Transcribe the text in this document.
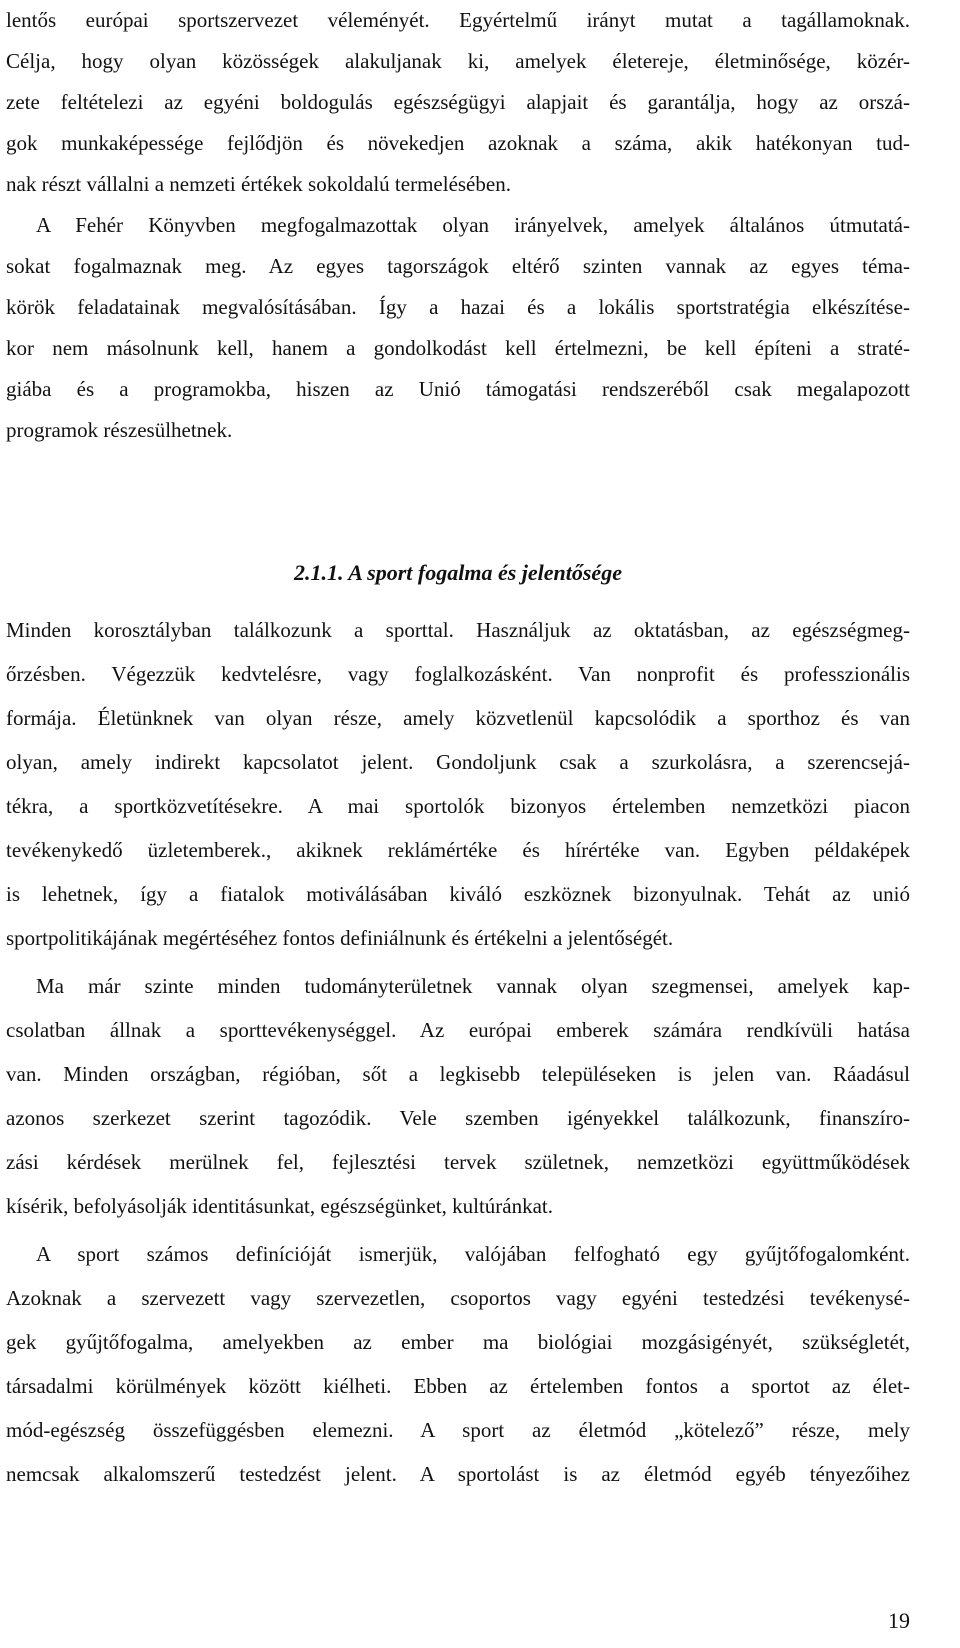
lentős európai sportszervezet véleményét. Egyértelmű irányt mutat a tagállamoknak.
Célja, hogy olyan közösségek alakuljanak ki, amelyek életereje, életminősége, közér-
zete feltételezi az egyéni boldogulás egészségügyi alapjait és garantálja, hogy az orszá-
gok munkaképessége fejlődjön és növekedjen azoknak a száma, akik hatékonyan tud-
nak részt vállalni a nemzeti értékek sokoldalú termelésében.
A Fehér Könyvben megfogalmazottak olyan irányelvek, amelyek általános útmutatá-
sokat fogalmaznak meg. Az egyes tagországok eltérő szinten vannak az egyes téma-
körök feladatainak megvalósításában. Így a hazai és a lokális sportstratégia elkészítése-
kor nem másolnunk kell, hanem a gondolkodást kell értelmezni, be kell építeni a straté-
giába és a programokba, hiszen az Unió támogatási rendszeréből csak megalapozott
programok részesülhetnek.
2.1.1. A sport fogalma és jelentősége
Minden korosztályban találkozunk a sporttal. Használjuk az oktatásban, az egészségmeg-
őrzésben. Végezzük kedvtelésre, vagy foglalkozásként. Van nonprofit és professzionális
formája. Életünknek van olyan része, amely közvetlenül kapcsolódik a sporthoz és van
olyan, amely indirekt kapcsolatot jelent. Gondoljunk csak a szurkolásra, a szerencsejá-
tékra, a sportközvetítésekre. A mai sportolók bizonyos értelemben nemzetközi piacon
tevékenykedő üzletemberek., akiknek reklámértéke és hírértéke van. Egyben példaképek
is lehetnek, így a fiatalok motiválásában kiváló eszköznek bizonyulnak. Tehát az unió
sportpolitikájának megértéséhez fontos definiálnunk és értékelni a jelentőségét.
Ma már szinte minden tudományterületnek vannak olyan szegmensei, amelyek kap-
csolatban állnak a sporttevékenységgel. Az európai emberek számára rendkívüli hatása
van. Minden országban, régióban, sőt a legkisebb településeken is jelen van. Ráadásul
azonos szerkezet szerint tagozódik. Vele szemben igényekkel találkozunk, finanszíro-
zási kérdések merülnek fel, fejlesztési tervek születnek, nemzetközi együttműködések
kísérik, befolyásolják identitásunkat, egészségünket, kultúránkat.
A sport számos definícióját ismerjük, valójában felfogható egy gyűjtőfogalomként.
Azoknak a szervezett vagy szervezetlen, csoportos vagy egyéni testedzési tevékenysé-
gek gyűjtőfogalma, amelyekben az ember ma biológiai mozgásigényét, szükségletét,
társadalmi körülmények között kiélheti. Ebben az értelemben fontos a sportot az élet-
mód-egészség összefüggésben elemezni. A sport az életmód „kötelező” része, mely
nemcsak alkalomszerű testedzést jelent. A sportolást is az életmód egyéb tényezőihez
19
